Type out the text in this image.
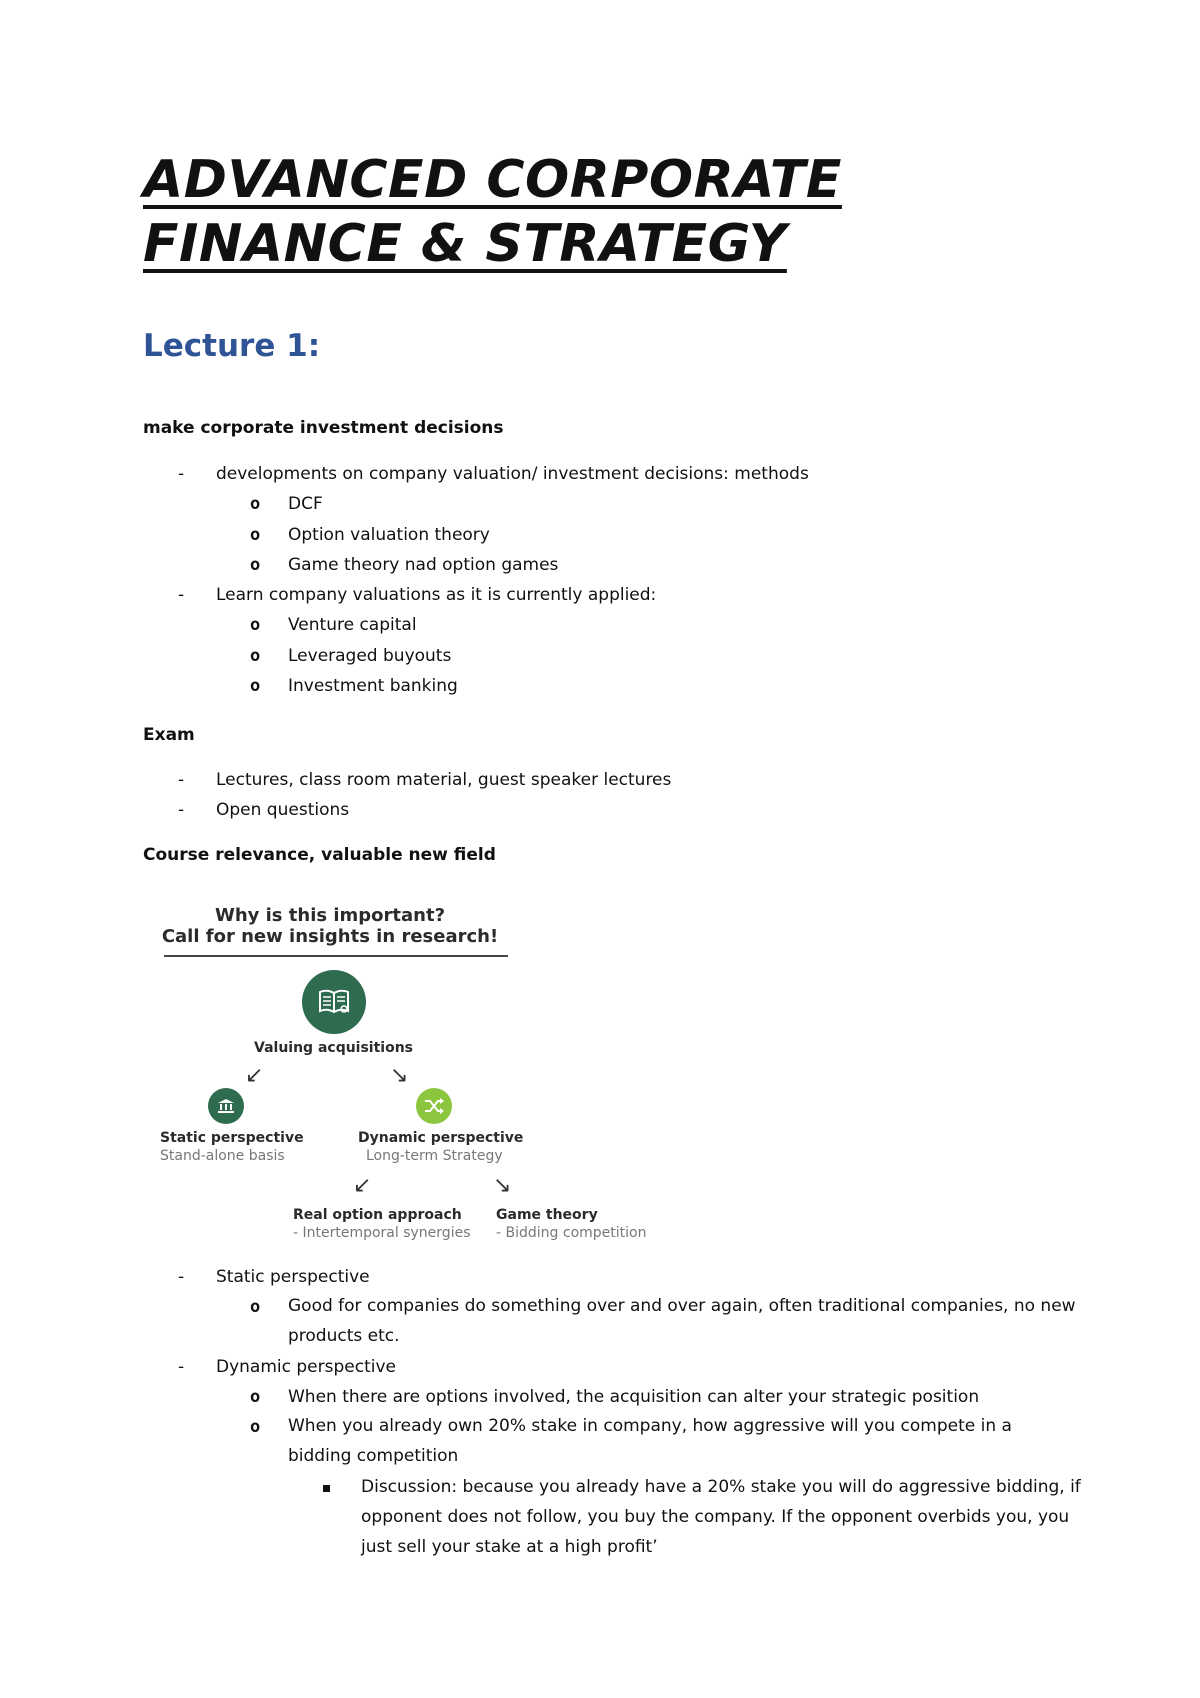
ADVANCED CORPORATE
FINANCE & STRATEGY
Lecture 1:
make corporate investment decisions
-	developments on company valuation/ investment decisions: methods
o DCF
o Option valuation theory
o Game theory nad option games
-	Learn company valuations as it is currently applied:
o Venture capital
o Leveraged buyouts
o Investment banking
Exam
-	Lectures, class room material, guest speaker lectures
-	Open questions
Course relevance, valuable new field
Why is this important?
Call for new insights in research!
Valuing acquisitions
↙	↘
Static perspective
Stand-alone basis
Dynamic perspective
Long-term Strategy
↙	↘
Real option approach
- Intertemporal synergies
Game theory
- Bidding competition
-	Static perspective
o Good for companies do something over and over again, often traditional companies, no new products etc.
-	Dynamic perspective
o When there are options involved, the acquisition can alter your strategic position
o When you already own 20% stake in company, how aggressive will you compete in a bidding competition
Discussion: because you already have a 20% stake you will do aggressive bidding, if opponent does not follow, you buy the company. If the opponent overbids you, you just sell your stake at a high profit’
